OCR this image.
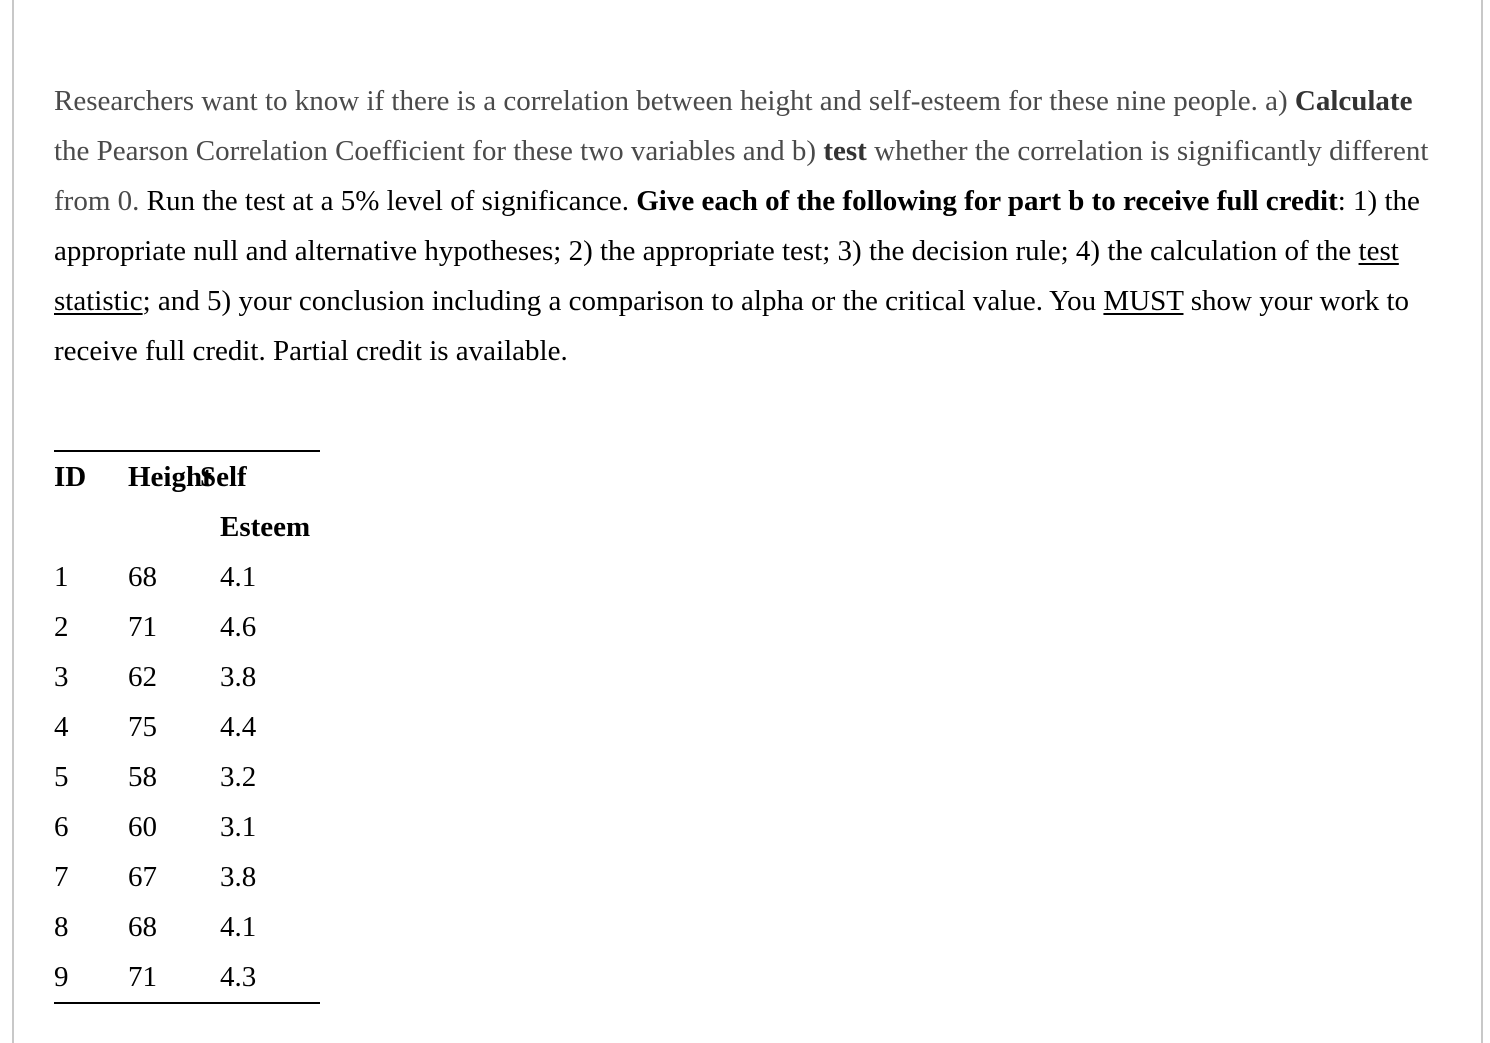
Researchers want to know if there is a correlation between height and self-esteem for these nine people. a) Calculate the Pearson Correlation Coefficient for these two variables and b) test whether the correlation is significantly different from 0. Run the test at a 5% level of significance. Give each of the following for part b to receive full credit: 1) the appropriate null and alternative hypotheses; 2) the appropriate test; 3) the decision rule; 4) the calculation of the test statistic; and 5) your conclusion including a comparison to alpha or the critical value. You MUST show your work to receive full credit. Partial credit is available.

ID	Height	Self
Esteem

1	68	4.1
2	71	4.6
3	62	3.8
4	75	4.4
5	58	3.2
6	60	3.1
7	67	3.8
8	68	4.1
9	71	4.3
